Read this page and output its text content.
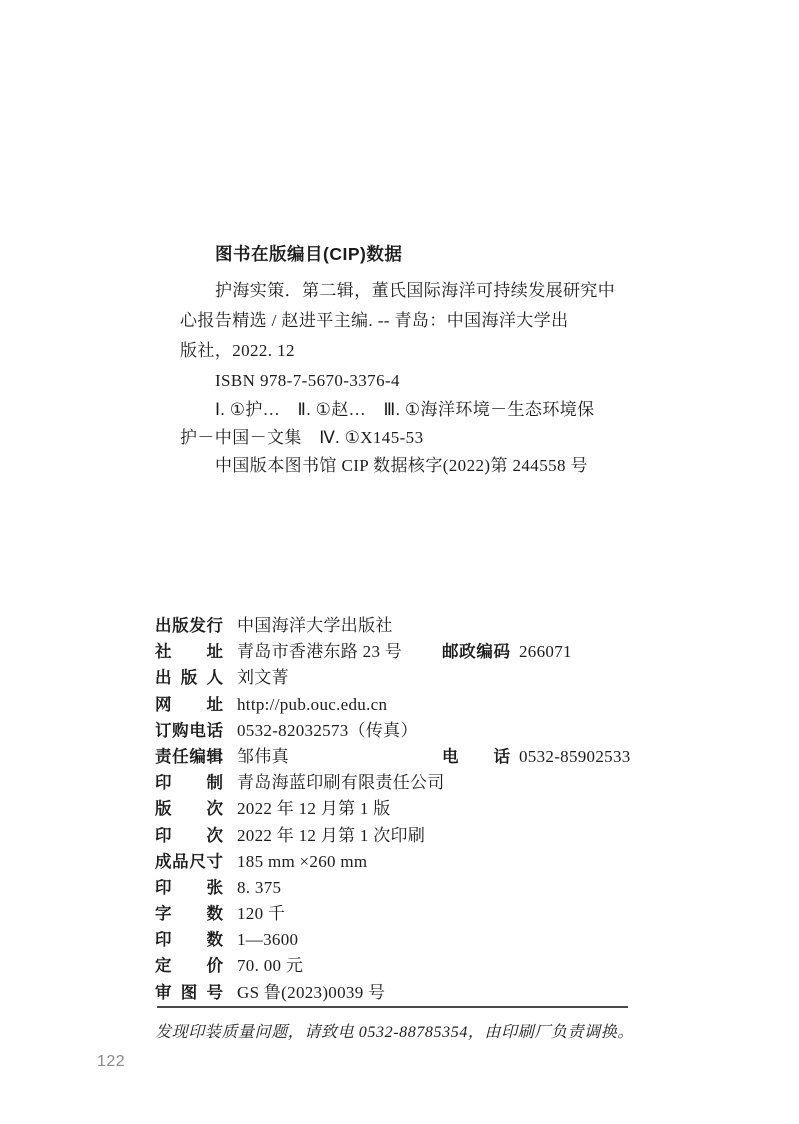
图书在版编目(CIP)数据
护海实策．第二辑，董氏国际海洋可持续发展研究中
心报告精选 / 赵进平主编. -- 青岛：中国海洋大学出
版社，2022. 12
ISBN 978-7-5670-3376-4
Ⅰ. ①护…　Ⅱ. ①赵…　Ⅲ. ①海洋环境－生态环境保
护－中国－文集　Ⅳ. ①X145-53
中国版本图书馆 CIP 数据核字(2022)第 244558 号
出版发行 中国海洋大学出版社
社址 青岛市香港东路 23 号 邮政编码 266071
出版人 刘文菁
网址 http://pub.ouc.edu.cn
订购电话 0532-82032573（传真）
责任编辑 邹伟真	电话 0532-85902533
印制 青岛海蓝印刷有限责任公司
版次 2022 年 12 月第 1 版
印次 2022 年 12 月第 1 次印刷
成品尺寸 185 mm ×260 mm
印张 8. 375
字数 120 千
印数 1—3600
定价 70. 00 元
审图号 GS 鲁(2023)0039 号
发现印装质量问题，请致电 0532-88785354，由印刷厂负责调换。
122
